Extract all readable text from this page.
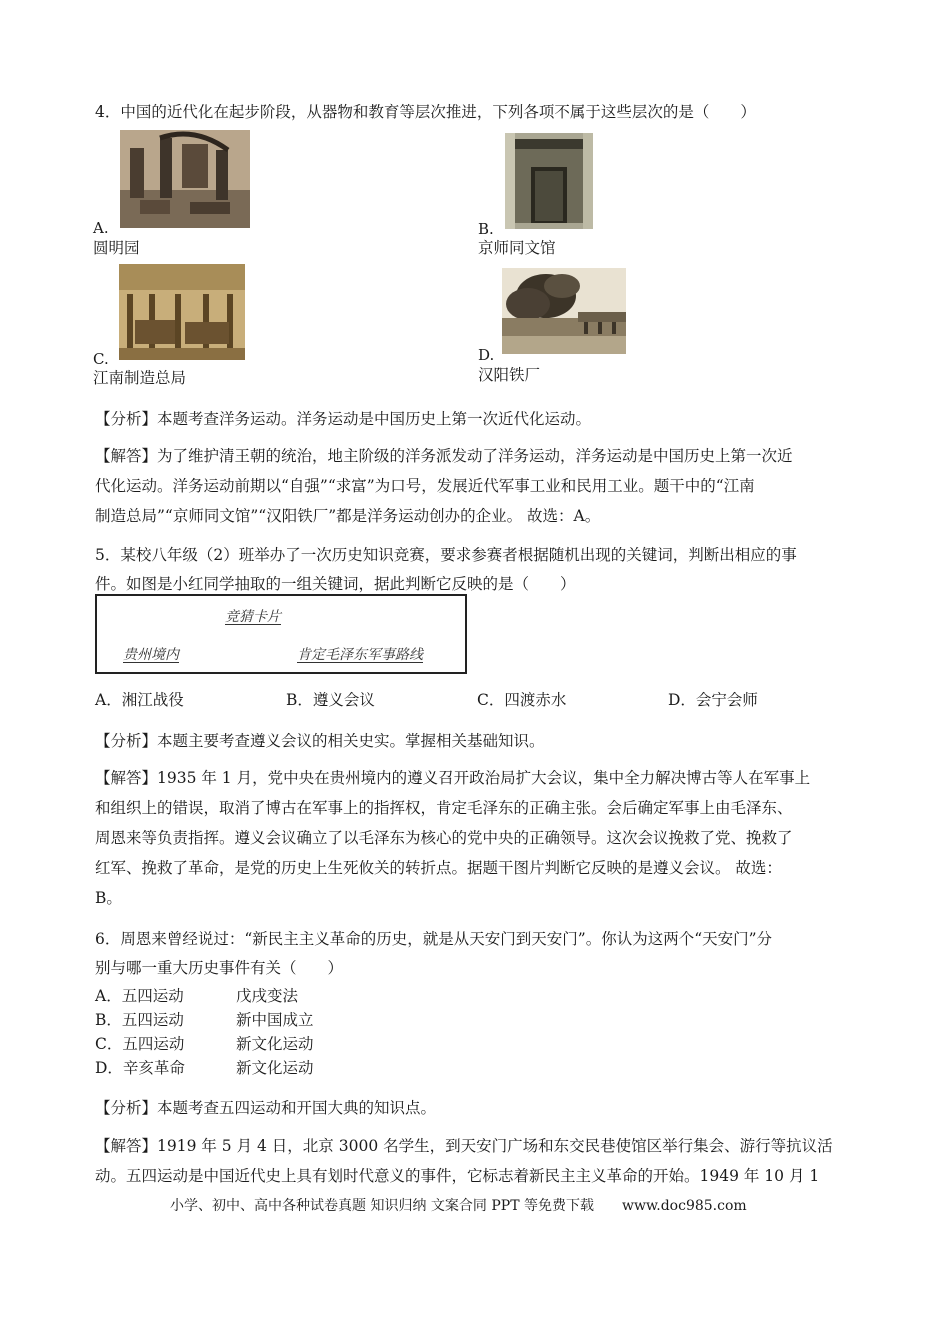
4．中国的近代化在起步阶段，从器物和教育等层次推进，下列各项不属于这些层次的是（　　）
A.
圆明园
B.
京师同文馆
C.
江南制造总局
D.
汉阳铁厂
【分析】本题考查洋务运动。洋务运动是中国历史上第一次近代化运动。
【解答】为了维护清王朝的统治，地主阶级的洋务派发动了洋务运动，洋务运动是中国历史上第一次近
代化运动。洋务运动前期以“自强”“求富”为口号，发展近代军事工业和民用工业。题干中的“江南
制造总局”“京师同文馆”“汉阳铁厂”都是洋务运动创办的企业。 故选：A。
5．某校八年级（2）班举办了一次历史知识竞赛，要求参赛者根据随机出现的关键词，判断出相应的事
件。如图是小红同学抽取的一组关键词，据此判断它反映的是（　　）
竞猜卡片
贵州境内	肯定毛泽东军事路线
A．湘江战役	B．遵义会议	C．四渡赤水	D．会宁会师
【分析】本题主要考查遵义会议的相关史实。掌握相关基础知识。
【解答】1935 年 1 月，党中央在贵州境内的遵义召开政治局扩大会议，集中全力解决博古等人在军事上
和组织上的错误，取消了博古在军事上的指挥权，肯定毛泽东的正确主张。会后确定军事上由毛泽东、
周恩来等负责指挥。遵义会议确立了以毛泽东为核心的党中央的正确领导。这次会议挽救了党、挽救了
红军、挽救了革命，是党的历史上生死攸关的转折点。据题干图片判断它反映的是遵义会议。 故选：
B。
6．周恩来曾经说过：“新民主主义革命的历史，就是从天安门到天安门”。你认为这两个“天安门”分
别与哪一重大历史事件有关（　　）
A．五四运动	戊戌变法
B．五四运动	新中国成立
C．五四运动	新文化运动
D．辛亥革命	新文化运动
【分析】本题考查五四运动和开国大典的知识点。
【解答】1919 年 5 月 4 日，北京 3000 名学生，到天安门广场和东交民巷使馆区举行集会、游行等抗议活
动。五四运动是中国近代史上具有划时代意义的事件，它标志着新民主主义革命的开始。1949 年 10 月 1
小学、初中、高中各种试卷真题 知识归纳 文案合同 PPT 等免费下载　　www.doc985.com
